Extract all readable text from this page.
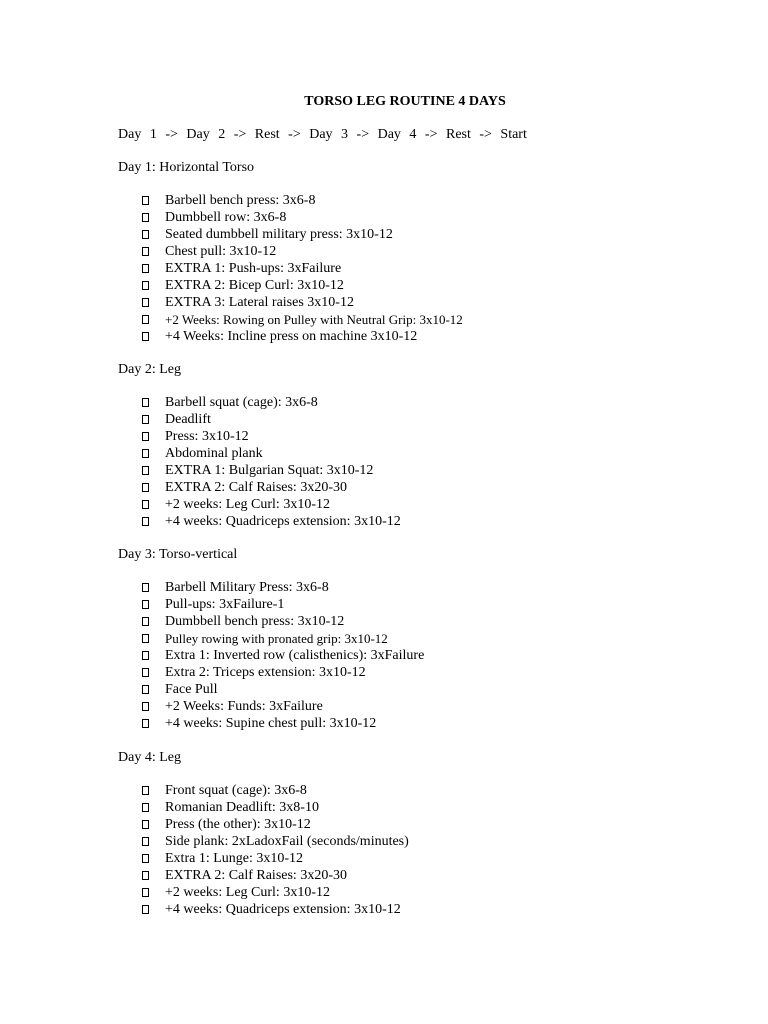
TORSO LEG ROUTINE 4 DAYS
Day 1 -> Day 2 -> Rest -> Day 3 -> Day 4 -> Rest -> Start
Day 1: Horizontal Torso
Barbell bench press: 3x6-8
Dumbbell row: 3x6-8
Seated dumbbell military press: 3x10-12
Chest pull: 3x10-12
EXTRA 1: Push-ups: 3xFailure
EXTRA 2: Bicep Curl: 3x10-12
EXTRA 3: Lateral raises 3x10-12
+2 Weeks: Rowing on Pulley with Neutral Grip: 3x10-12
+4 Weeks: Incline press on machine 3x10-12
Day 2: Leg
Barbell squat (cage): 3x6-8
Deadlift
Press: 3x10-12
Abdominal plank
EXTRA 1: Bulgarian Squat: 3x10-12
EXTRA 2: Calf Raises: 3x20-30
+2 weeks: Leg Curl: 3x10-12
+4 weeks: Quadriceps extension: 3x10-12
Day 3: Torso-vertical
Barbell Military Press: 3x6-8
Pull-ups: 3xFailure-1
Dumbbell bench press: 3x10-12
Pulley rowing with pronated grip: 3x10-12
Extra 1: Inverted row (calisthenics): 3xFailure
Extra 2: Triceps extension: 3x10-12
Face Pull
+2 Weeks: Funds: 3xFailure
+4 weeks: Supine chest pull: 3x10-12
Day 4: Leg
Front squat (cage): 3x6-8
Romanian Deadlift: 3x8-10
Press (the other): 3x10-12
Side plank: 2xLadoxFail (seconds/minutes)
Extra 1: Lunge: 3x10-12
EXTRA 2: Calf Raises: 3x20-30
+2 weeks: Leg Curl: 3x10-12
+4 weeks: Quadriceps extension: 3x10-12
